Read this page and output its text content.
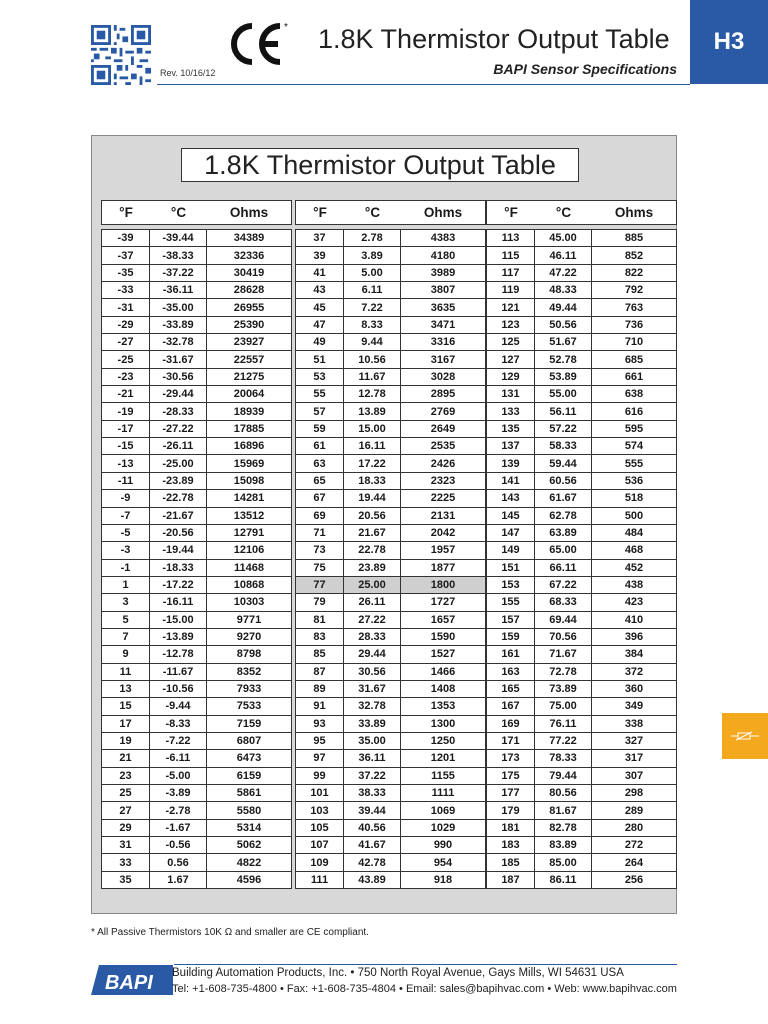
Rev. 10/16/12
* 1.8K Thermistor Output Table
BAPI Sensor Specifications
H3
1.8K Thermistor Output Table
°F	°C	Ohms
-39	-39.44	34389
-37	-38.33	32336
-35	-37.22	30419
-33	-36.11	28628
-31	-35.00	26955
-29	-33.89	25390
-27	-32.78	23927
-25	-31.67	22557
-23	-30.56	21275
-21	-29.44	20064
-19	-28.33	18939
-17	-27.22	17885
-15	-26.11	16896
-13	-25.00	15969
-11	-23.89	15098
-9	-22.78	14281
-7	-21.67	13512
-5	-20.56	12791
-3	-19.44	12106
-1	-18.33	11468
1	-17.22	10868
3	-16.11	10303
5	-15.00	9771
7	-13.89	9270
9	-12.78	8798
11	-11.67	8352
13	-10.56	7933
15	-9.44	7533
17	-8.33	7159
19	-7.22	6807
21	-6.11	6473
23	-5.00	6159
25	-3.89	5861
27	-2.78	5580
29	-1.67	5314
31	-0.56	5062
33	0.56	4822
35	1.67	4596
°F	°C	Ohms
37	2.78	4383
39	3.89	4180
41	5.00	3989
43	6.11	3807
45	7.22	3635
47	8.33	3471
49	9.44	3316
51	10.56	3167
53	11.67	3028
55	12.78	2895
57	13.89	2769
59	15.00	2649
61	16.11	2535
63	17.22	2426
65	18.33	2323
67	19.44	2225
69	20.56	2131
71	21.67	2042
73	22.78	1957
75	23.89	1877
77	25.00	1800
79	26.11	1727
81	27.22	1657
83	28.33	1590
85	29.44	1527
87	30.56	1466
89	31.67	1408
91	32.78	1353
93	33.89	1300
95	35.00	1250
97	36.11	1201
99	37.22	1155
101	38.33	1111
103	39.44	1069
105	40.56	1029
107	41.67	990
109	42.78	954
111	43.89	918
°F	°C	Ohms
113	45.00	885
115	46.11	852
117	47.22	822
119	48.33	792
121	49.44	763
123	50.56	736
125	51.67	710
127	52.78	685
129	53.89	661
131	55.00	638
133	56.11	616
135	57.22	595
137	58.33	574
139	59.44	555
141	60.56	536
143	61.67	518
145	62.78	500
147	63.89	484
149	65.00	468
151	66.11	452
153	67.22	438
155	68.33	423
157	69.44	410
159	70.56	396
161	71.67	384
163	72.78	372
165	73.89	360
167	75.00	349
169	76.11	338
171	77.22	327
173	78.33	317
175	79.44	307
177	80.56	298
179	81.67	289
181	82.78	280
183	83.89	272
185	85.00	264
187	86.11	256
* All Passive Thermistors 10K Ω and smaller are CE compliant.
BAPI Building Automation Products, Inc. • 750 North Royal Avenue, Gays Mills, WI 54631 USA
Tel: +1-608-735-4800 • Fax: +1-608-735-4804 • Email: sales@bapihvac.com • Web: www.bapihvac.com
